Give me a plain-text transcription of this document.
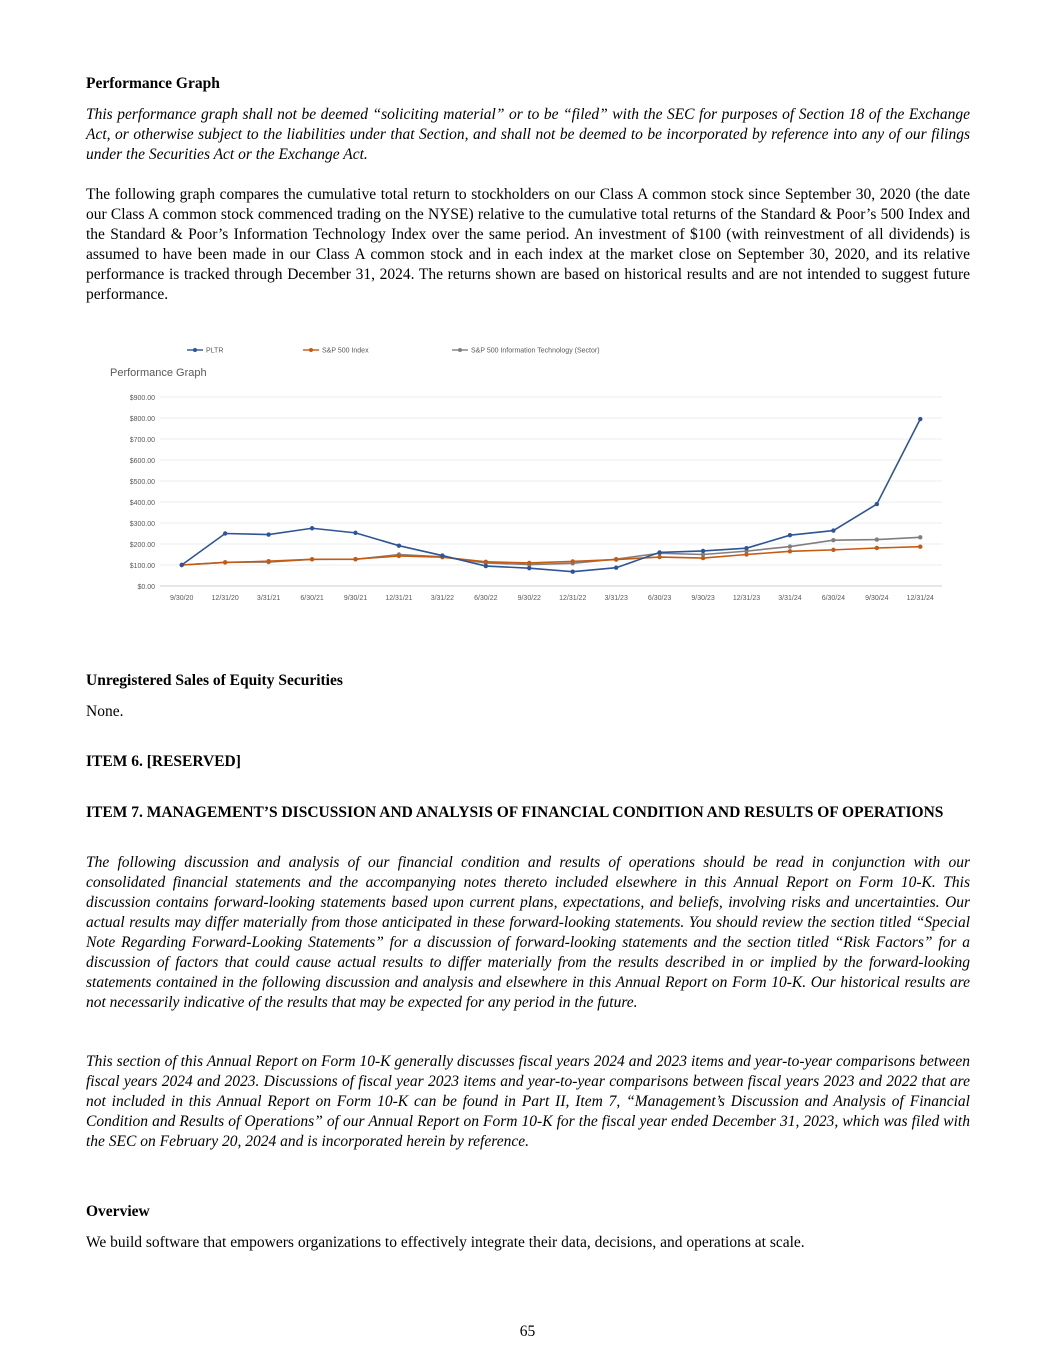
Performance Graph

This performance graph shall not be deemed “soliciting material” or to be “filed” with the SEC for purposes of Section 18 of the Exchange Act, or otherwise subject to the liabilities under that Section, and shall not be deemed to be incorporated by reference into any of our filings under the Securities Act or the Exchange Act.

The following graph compares the cumulative total return to stockholders on our Class A common stock since September 30, 2020 (the date our Class A common stock commenced trading on the NYSE) relative to the cumulative total returns of the Standard & Poor’s 500 Index and the Standard & Poor’s Information Technology Index over the same period. An investment of $100 (with reinvestment of all dividends) is assumed to have been made in our Class A common stock and in each index at the market close on September 30, 2020, and its relative performance is tracked through December 31, 2024. The returns shown are based on historical results and are not intended to suggest future performance.

Performance Graph
$0.00
$100.00
$200.00
$300.00
$400.00
$500.00
$600.00
$700.00
$800.00
$900.00
9/30/20	12/31/20	3/31/21	6/30/21	9/30/21	12/31/21	3/31/22	6/30/22	9/30/22	12/31/22	3/31/23	6/30/23	9/30/23	12/31/23	3/31/24	6/30/24	9/30/24	12/31/24
PLTR	S&P 500 Index	S&P 500 Information Technology (Sector)

Unregistered Sales of Equity Securities

None.

ITEM 6. [RESERVED]

ITEM 7. MANAGEMENT’S DISCUSSION AND ANALYSIS OF FINANCIAL CONDITION AND RESULTS OF OPERATIONS

The following discussion and analysis of our financial condition and results of operations should be read in conjunction with our consolidated financial statements and the accompanying notes thereto included elsewhere in this Annual Report on Form 10-K. This discussion contains forward-looking statements based upon current plans, expectations, and beliefs, involving risks and uncertainties. Our actual results may differ materially from those anticipated in these forward-looking statements. You should review the section titled “Special Note Regarding Forward-Looking Statements” for a discussion of forward-looking statements and the section titled “Risk Factors” for a discussion of factors that could cause actual results to differ materially from the results described in or implied by the forward-looking statements contained in the following discussion and analysis and elsewhere in this Annual Report on Form 10-K. Our historical results are not necessarily indicative of the results that may be expected for any period in the future.

This section of this Annual Report on Form 10-K generally discusses fiscal years 2024 and 2023 items and year-to-year comparisons between fiscal years 2024 and 2023. Discussions of fiscal year 2023 items and year-to-year comparisons between fiscal years 2023 and 2022 that are not included in this Annual Report on Form 10-K can be found in Part II, Item 7, “Management’s Discussion and Analysis of Financial Condition and Results of Operations” of our Annual Report on Form 10-K for the fiscal year ended December 31, 2023, which was filed with the SEC on February 20, 2024 and is incorporated herein by reference.

Overview

We build software that empowers organizations to effectively integrate their data, decisions, and operations at scale.

65
